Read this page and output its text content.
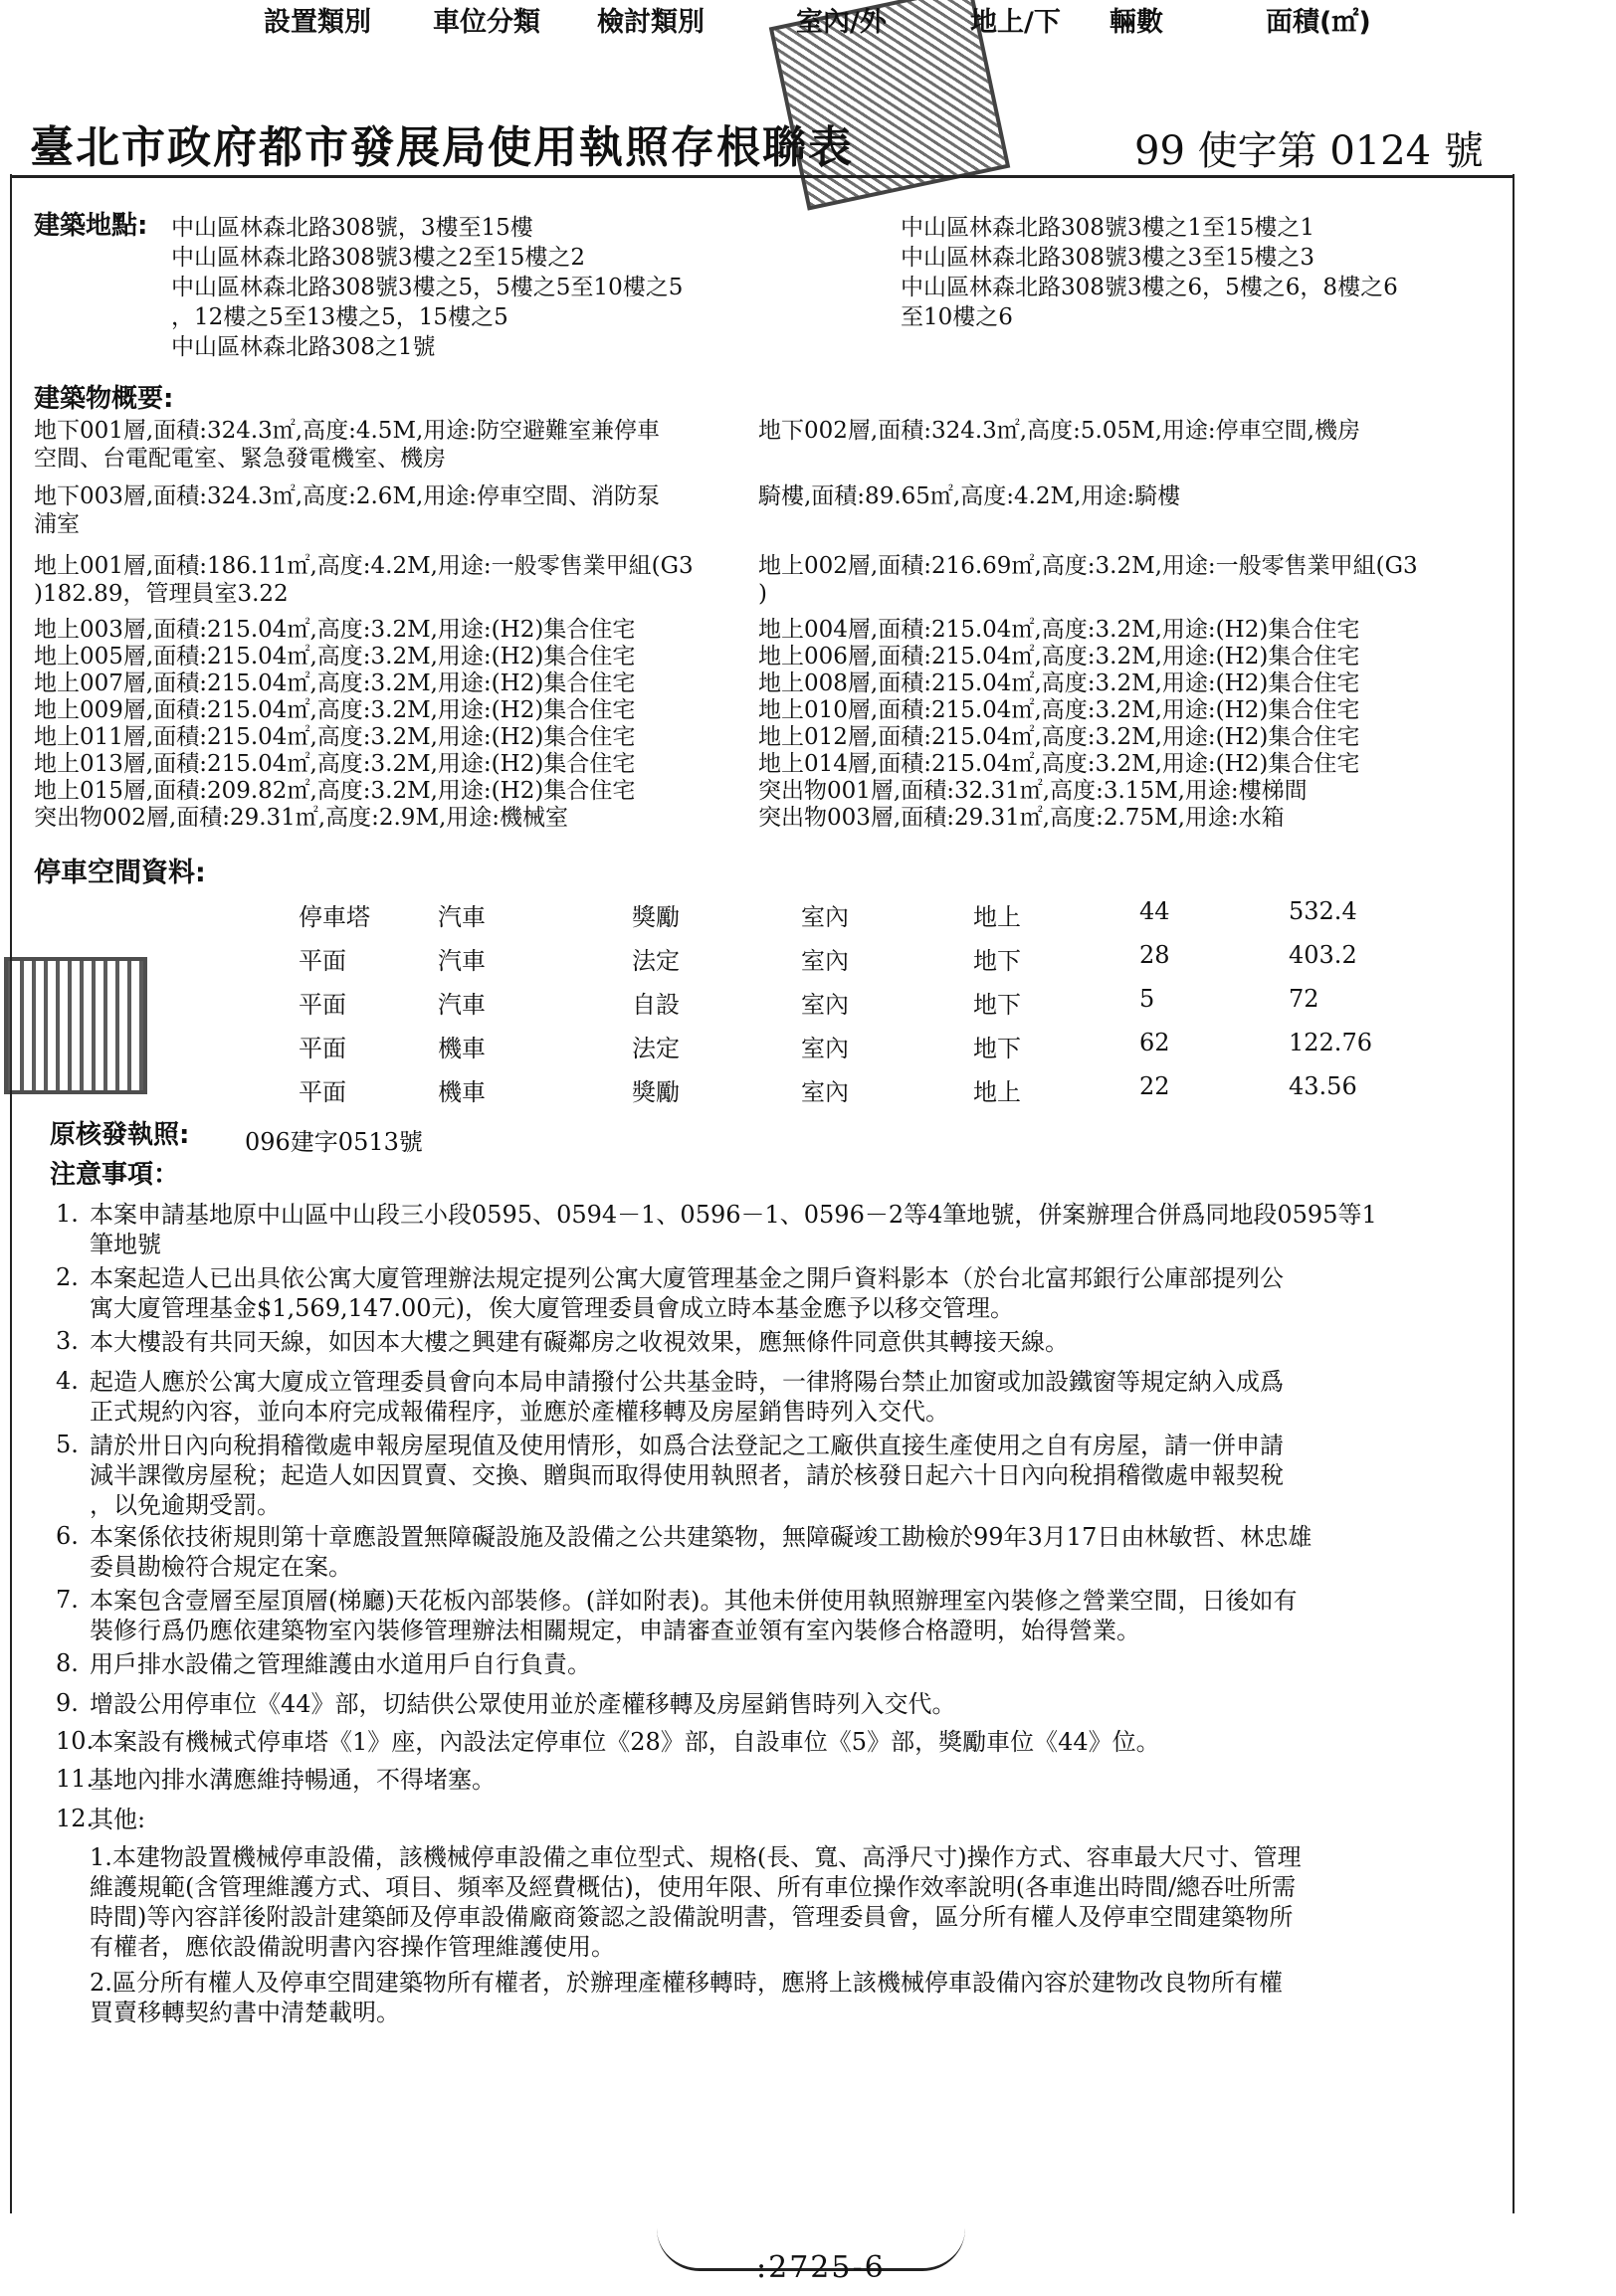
臺北市政府都市發展局使用執照存根聯表	99 使字第 0124 號
建築地點: 中山區林森北路308號，3樓至15樓
中山區林森北路308號3樓之2至15樓之2
中山區林森北路308號3樓之5，5樓之5至10樓之5
，12樓之5至13樓之5，15樓之5
中山區林森北路308之1號
中山區林森北路308號3樓之1至15樓之1
中山區林森北路308號3樓之3至15樓之3
中山區林森北路308號3樓之6，5樓之6，8樓之6
至10樓之6
建築物概要:
地下001層,面積:324.3㎡,高度:4.5M,用途:防空避難室兼停車
空間、台電配電室、緊急發電機室、機房
地下003層,面積:324.3㎡,高度:2.6M,用途:停車空間、消防泵
浦室
地上001層,面積:186.11㎡,高度:4.2M,用途:一般零售業甲組(G3
)182.89，管理員室3.22
地上003層,面積:215.04㎡,高度:3.2M,用途:(H2)集合住宅
地上005層,面積:215.04㎡,高度:3.2M,用途:(H2)集合住宅
地上007層,面積:215.04㎡,高度:3.2M,用途:(H2)集合住宅
地上009層,面積:215.04㎡,高度:3.2M,用途:(H2)集合住宅
地上011層,面積:215.04㎡,高度:3.2M,用途:(H2)集合住宅
地上013層,面積:215.04㎡,高度:3.2M,用途:(H2)集合住宅
地上015層,面積:209.82㎡,高度:3.2M,用途:(H2)集合住宅
突出物002層,面積:29.31㎡,高度:2.9M,用途:機械室
地下002層,面積:324.3㎡,高度:5.05M,用途:停車空間,機房
騎樓,面積:89.65㎡,高度:4.2M,用途:騎樓
地上002層,面積:216.69㎡,高度:3.2M,用途:一般零售業甲組(G3
)
地上004層,面積:215.04㎡,高度:3.2M,用途:(H2)集合住宅
地上006層,面積:215.04㎡,高度:3.2M,用途:(H2)集合住宅
地上008層,面積:215.04㎡,高度:3.2M,用途:(H2)集合住宅
地上010層,面積:215.04㎡,高度:3.2M,用途:(H2)集合住宅
地上012層,面積:215.04㎡,高度:3.2M,用途:(H2)集合住宅
地上014層,面積:215.04㎡,高度:3.2M,用途:(H2)集合住宅
突出物001層,面積:32.31㎡,高度:3.15M,用途:樓梯間
突出物003層,面積:29.31㎡,高度:2.75M,用途:水箱
停車空間資料:
設置類別 車位分類 檢討類別	室內/外	地上/下 輛數	面積(㎡)
停車塔	汽車	獎勵	室內	地上	44	532.4
平面	汽車	法定	室內	地下	28	403.2
平面	汽車	自設	室內	地下	5	72
平面	機車	法定	室內	地下	62	122.76
平面	機車	獎勵	室內	地上	22	43.56
原核發執照: 096建字0513號
注意事項：
1. 本案申請基地原中山區中山段三小段0595、0594－1、0596－1、0596－2等4筆地號，併案辦理合併爲同地段0595等1
筆地號
2. 本案起造人已出具依公寓大廈管理辦法規定提列公寓大廈管理基金之開戶資料影本（於台北富邦銀行公庫部提列公
寓大廈管理基金$1,569,147.00元)，俟大廈管理委員會成立時本基金應予以移交管理。
3. 本大樓設有共同天線，如因本大樓之興建有礙鄰房之收視效果，應無條件同意供其轉接天線。
4. 起造人應於公寓大廈成立管理委員會向本局申請撥付公共基金時，一律將陽台禁止加窗或加設鐵窗等規定納入成爲
正式規約內容，並向本府完成報備程序，並應於產權移轉及房屋銷售時列入交代。
5. 請於卅日內向稅捐稽徵處申報房屋現值及使用情形，如爲合法登記之工廠供直接生產使用之自有房屋，請一併申請
減半課徵房屋稅；起造人如因買賣、交換、贈與而取得使用執照者，請於核發日起六十日內向稅捐稽徵處申報契稅
，以免逾期受罰。
6. 本案係依技術規則第十章應設置無障礙設施及設備之公共建築物，無障礙竣工勘檢於99年3月17日由林敏哲、林忠雄
委員勘檢符合規定在案。
7. 本案包含壹層至屋頂層(梯廳)天花板內部裝修。(詳如附表)。其他未併使用執照辦理室內裝修之營業空間，日後如有
裝修行爲仍應依建築物室內裝修管理辦法相關規定，申請審查並領有室內裝修合格證明，始得營業。
8. 用戶排水設備之管理維護由水道用戶自行負責。
9. 增設公用停車位《44》部，切結供公眾使用並於產權移轉及房屋銷售時列入交代。
10.
本案設有機械式停車塔《1》座，內設法定停車位《28》部，自設車位《5》部，獎勵車位《44》位。
11.
基地內排水溝應維持暢通，不得堵塞。
12.
其他:
1.本建物設置機械停車設備，該機械停車設備之車位型式、規格(長、寬、高淨尺寸)操作方式、容車最大尺寸、管理
維護規範(含管理維護方式、項目、頻率及經費概估)，使用年限、所有車位操作效率說明(各車進出時間/總吞吐所需
時間)等內容詳後附設計建築師及停車設備廠商簽認之設備說明書，管理委員會，區分所有權人及停車空間建築物所
有權者，應依設備說明書內容操作管理維護使用。
2.區分所有權人及停車空間建築物所有權者，於辦理產權移轉時，應將上該機械停車設備內容於建物改良物所有權
買賣移轉契約書中清楚載明。
:2725-6
